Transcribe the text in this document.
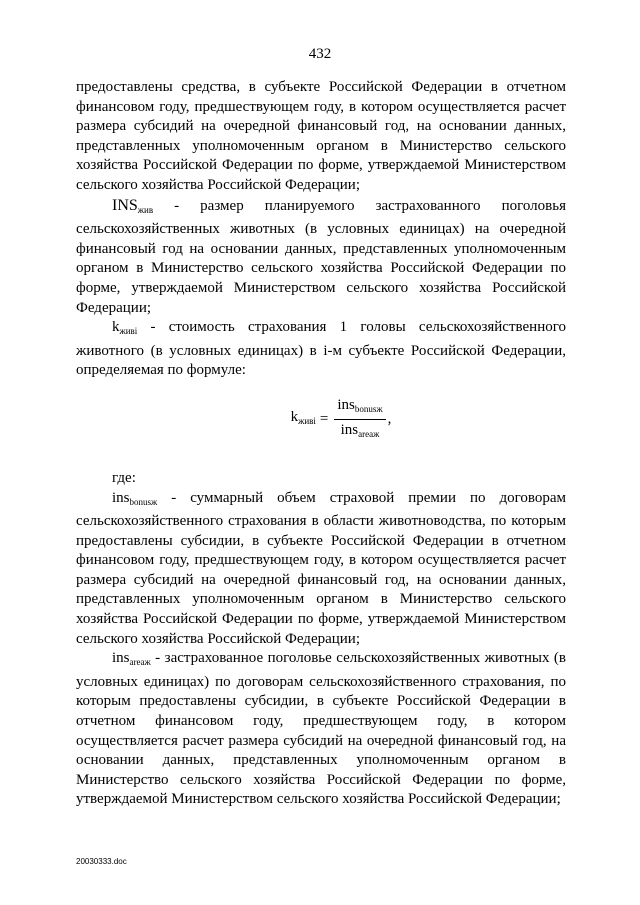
432

предоставлены средства, в субъекте Российской Федерации в отчетном финансовом году, предшествующем году, в котором осуществляется расчет размера субсидий на очередной финансовый год, на основании данных, представленных уполномоченным органом в Министерство сельского хозяйства Российской Федерации по форме, утверждаемой Министерством сельского хозяйства Российской Федерации;

$INS_{жив}$ - размер планируемого застрахованного поголовья сельскохозяйственных животных (в условных единицах) на очередной финансовый год на основании данных, представленных уполномоченным органом в Министерство сельского хозяйства Российской Федерации по форме, утверждаемой Министерством сельского хозяйства Российской Федерации;

$k_{живi}$ - стоимость страхования 1 головы сельскохозяйственного животного (в условных единицах) в i-м субъекте Российской Федерации, определяемая по формуле:

$k_{живi} = \frac{ins_{bonusж}}{ins_{areaж}}$ ,

где:

ins$_{bonusж}$ - суммарный объем страховой премии по договорам сельскохозяйственного страхования в области животноводства, по которым предоставлены субсидии, в субъекте Российской Федерации в отчетном финансовом году, предшествующем году, в котором осуществляется расчет размера субсидий на очередной финансовый год, на основании данных, представленных уполномоченным органом в Министерство сельского хозяйства Российской Федерации по форме, утверждаемой Министерством сельского хозяйства Российской Федерации;

ins$_{areaж}$ - застрахованное поголовье сельскохозяйственных животных (в условных единицах) по договорам сельскохозяйственного страхования, по которым предоставлены субсидии, в субъекте Российской Федерации в отчетном финансовом году, предшествующем году, в котором осуществляется расчет размера субсидий на очередной финансовый год, на основании данных, представленных уполномоченным органом в Министерство сельского хозяйства Российской Федерации по форме, утверждаемой Министерством сельского хозяйства Российской Федерации;

20030333.doc
